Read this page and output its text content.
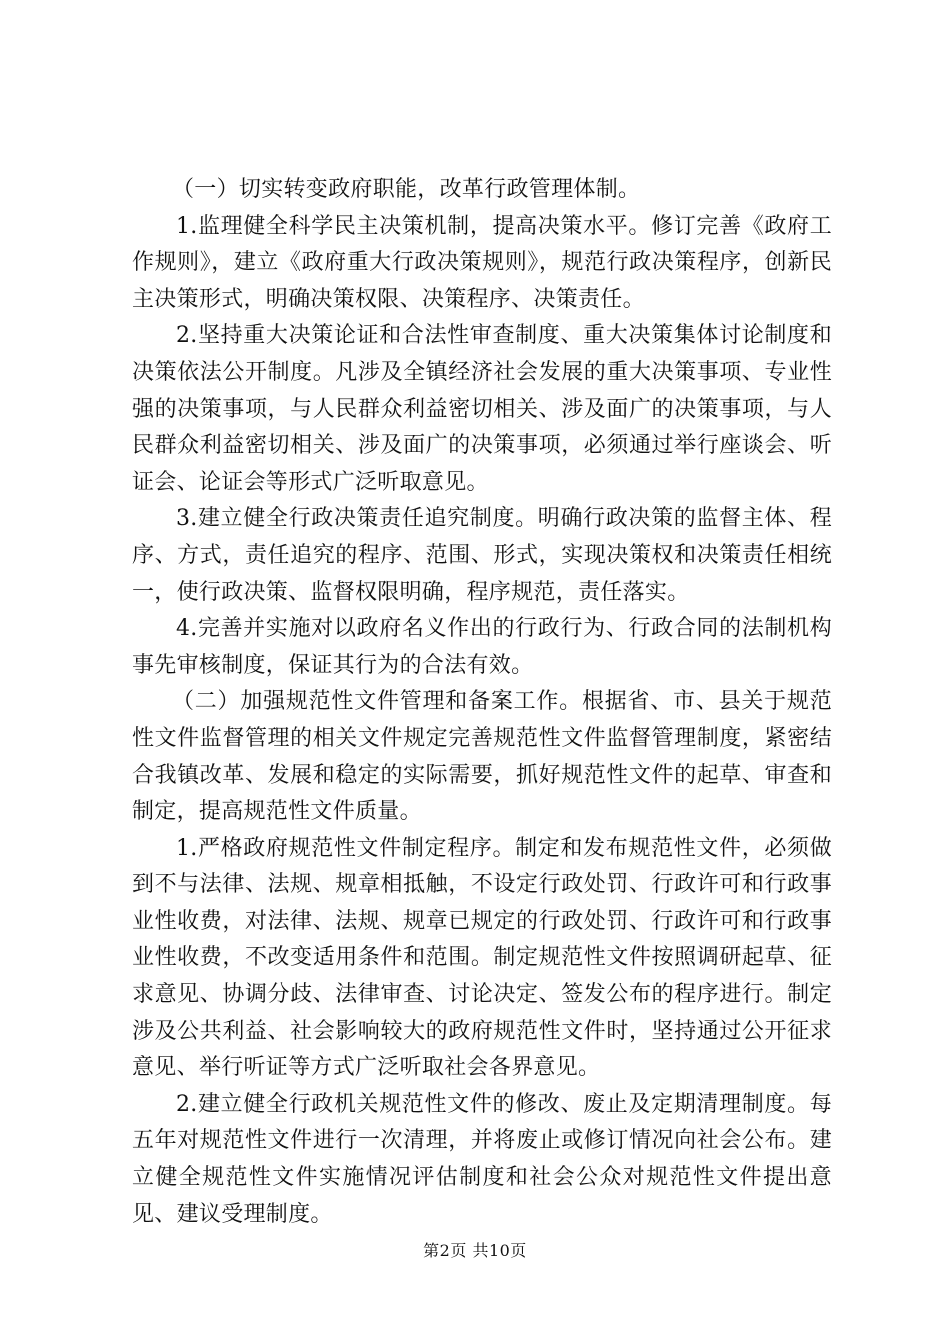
（一）切实转变政府职能，改革行政管理体制。

1.监理健全科学民主决策机制，提高决策水平。修订完善《政府工作规则》，建立《政府重大行政决策规则》，规范行政决策程序，创新民主决策形式，明确决策权限、决策程序、决策责任。

2.坚持重大决策论证和合法性审查制度、重大决策集体讨论制度和决策依法公开制度。凡涉及全镇经济社会发展的重大决策事项、专业性强的决策事项，与人民群众利益密切相关、涉及面广的决策事项，与人民群众利益密切相关、涉及面广的决策事项，必须通过举行座谈会、听证会、论证会等形式广泛听取意见。

3.建立健全行政决策责任追究制度。明确行政决策的监督主体、程序、方式，责任追究的程序、范围、形式，实现决策权和决策责任相统一，使行政决策、监督权限明确，程序规范，责任落实。

4.完善并实施对以政府名义作出的行政行为、行政合同的法制机构事先审核制度，保证其行为的合法有效。

（二）加强规范性文件管理和备案工作。根据省、市、县关于规范性文件监督管理的相关文件规定完善规范性文件监督管理制度，紧密结合我镇改革、发展和稳定的实际需要，抓好规范性文件的起草、审查和制定，提高规范性文件质量。

1.严格政府规范性文件制定程序。制定和发布规范性文件，必须做到不与法律、法规、规章相抵触，不设定行政处罚、行政许可和行政事业性收费，对法律、法规、规章已规定的行政处罚、行政许可和行政事业性收费，不改变适用条件和范围。制定规范性文件按照调研起草、征求意见、协调分歧、法律审查、讨论决定、签发公布的程序进行。制定涉及公共利益、社会影响较大的政府规范性文件时，坚持通过公开征求意见、举行听证等方式广泛听取社会各界意见。

2.建立健全行政机关规范性文件的修改、废止及定期清理制度。每五年对规范性文件进行一次清理，并将废止或修订情况向社会公布。建立健全规范性文件实施情况评估制度和社会公众对规范性文件提出意见、建议受理制度。

第2页 共10页
